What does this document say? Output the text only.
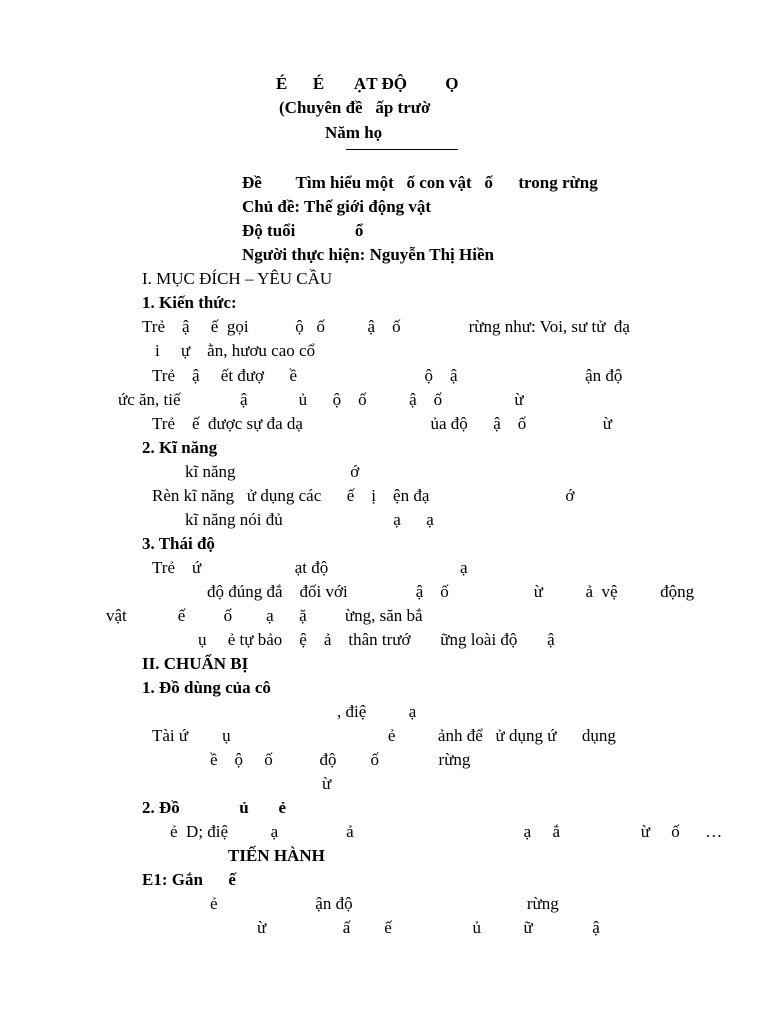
É      É       ẠT ĐỘ         Ọ
(Chuyên đề   ấp trườ
Năm họ
Đề        Tìm hiểu một   ố con vật   ố      trong rừng
Chủ đề: Thế giới động vật
Độ tuổi              ổ
Người thực hiện: Nguyễn Thị Hiền
I. MỤC ĐÍCH – YÊU CẦU
1. Kiến thức:
Trẻ    ậ     ế  gọi           ộ   ố          ậ    ố                rừng như: Voi, sư tử  đạ
i     ự    ằn, hươu cao cổ
Trẻ    ậ     ết đượ      ề                              ộ    ậ                              ận độ
ức ăn, tiế              ậ            ủ      ộ    ố          ậ    ố                 ừ
Trẻ    ế  được sự đa dạ                              ủa độ      ậ    ố                  ừ
2. Kĩ năng
kĩ năng                           ớ
Rèn kĩ năng   ử dụng các      ế    ị    ện đạ                                ớ
kĩ năng nói đủ                          ạ      ạ
3. Thái độ
Trẻ    ứ                      ạt độ                               ạ
độ đúng đắ    đối với                ậ    ố                    ừ          ả  vệ          động
vật            ế         ố        ạ      ặ         ừng, săn bắ
ụ     ẻ tự bảo    ệ    ả    thân trướ       ững loài độ       ậ
II. CHUẨN BỊ
1. Đồ dùng của cô
, điệ          ạ
Tài ứ        ụ                                     ẻ          ảnh để   ử dụng ứ      dụng
ề    ộ     ố           độ        ố              rừng
ừ
2. Đồ              ủ       ẻ
ẻ  D; điệ          ạ                ả                                        ạ     ắ                   ừ     ố      …
TIẾN HÀNH
E1: Gắn      ế
ẻ                       ận độ                                         rừng
ừ                  ấ        ế                   ủ          ữ              ậ
